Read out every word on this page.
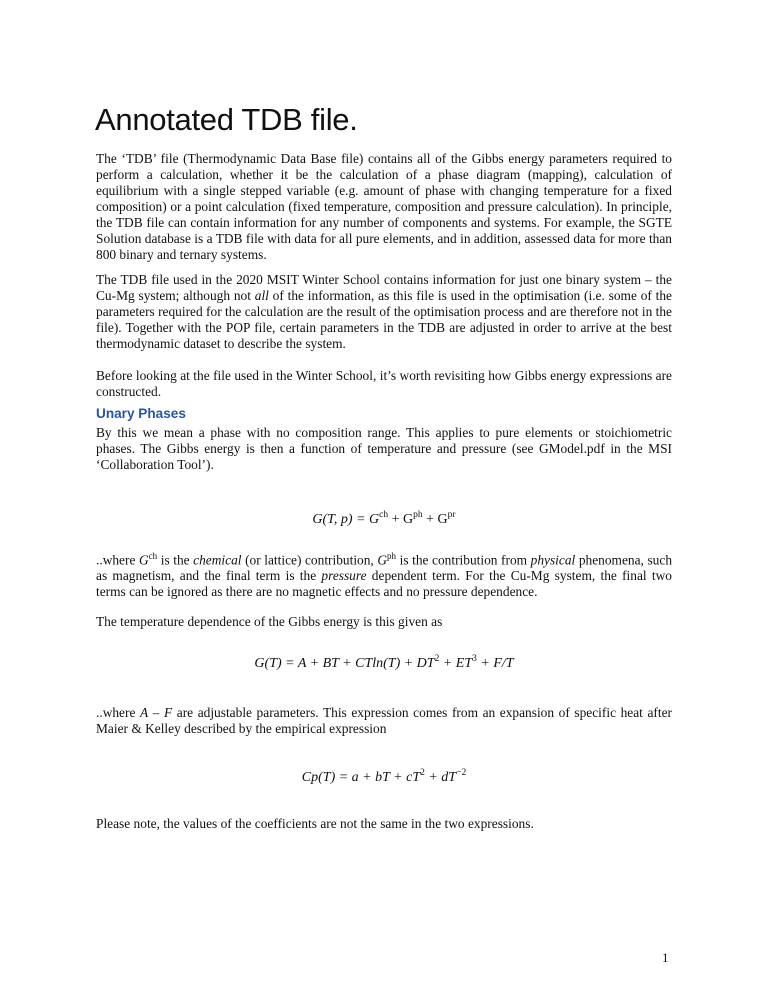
Annotated TDB file.

The ‘TDB’ file (Thermodynamic Data Base file) contains all of the Gibbs energy parameters required to perform a calculation, whether it be the calculation of a phase diagram (mapping), calculation of equilibrium with a single stepped variable (e.g. amount of phase with changing temperature for a fixed composition) or a point calculation (fixed temperature, composition and pressure calculation). In principle, the TDB file can contain information for any number of components and systems. For example, the SGTE Solution database is a TDB file with data for all pure elements, and in addition, assessed data for more than 800 binary and ternary systems.

The TDB file used in the 2020 MSIT Winter School contains information for just one binary system – the Cu-Mg system; although not all of the information, as this file is used in the optimisation (i.e. some of the parameters required for the calculation are the result of the optimisation process and are therefore not in the file). Together with the POP file, certain parameters in the TDB are adjusted in order to arrive at the best thermodynamic dataset to describe the system.

Before looking at the file used in the Winter School, it’s worth revisiting how Gibbs energy expressions are constructed.

Unary Phases

By this we mean a phase with no composition range. This applies to pure elements or stoichiometric phases. The Gibbs energy is then a function of temperature and pressure (see GModel.pdf in the MSI ‘Collaboration Tool’).

G(T, $p) = G^{ch} + G^{ph} + G^{pr}$

..where $G^{ch}$ is the chemical (or lattice) contribution, $G^{ph}$ is the contribution from physical phenomena, such as magnetism, and the final term is the pressure dependent term. For the Cu-Mg system, the final two terms can be ignored as there are no magnetic effects and no pressure dependence.

The temperature dependence of the Gibbs energy is this given as

G(T) = A + BT + $CTln(T) + DT^2 + ET^3 + F/T$

..where A – F are adjustable parameters. This expression comes from an expansion of specific heat after Maier & Kelley described by the empirical expression

Cp(T) = a + bT + $cT^2 + dT^{-2}$

Please note, the values of the coefficients are not the same in the two expressions.

1
